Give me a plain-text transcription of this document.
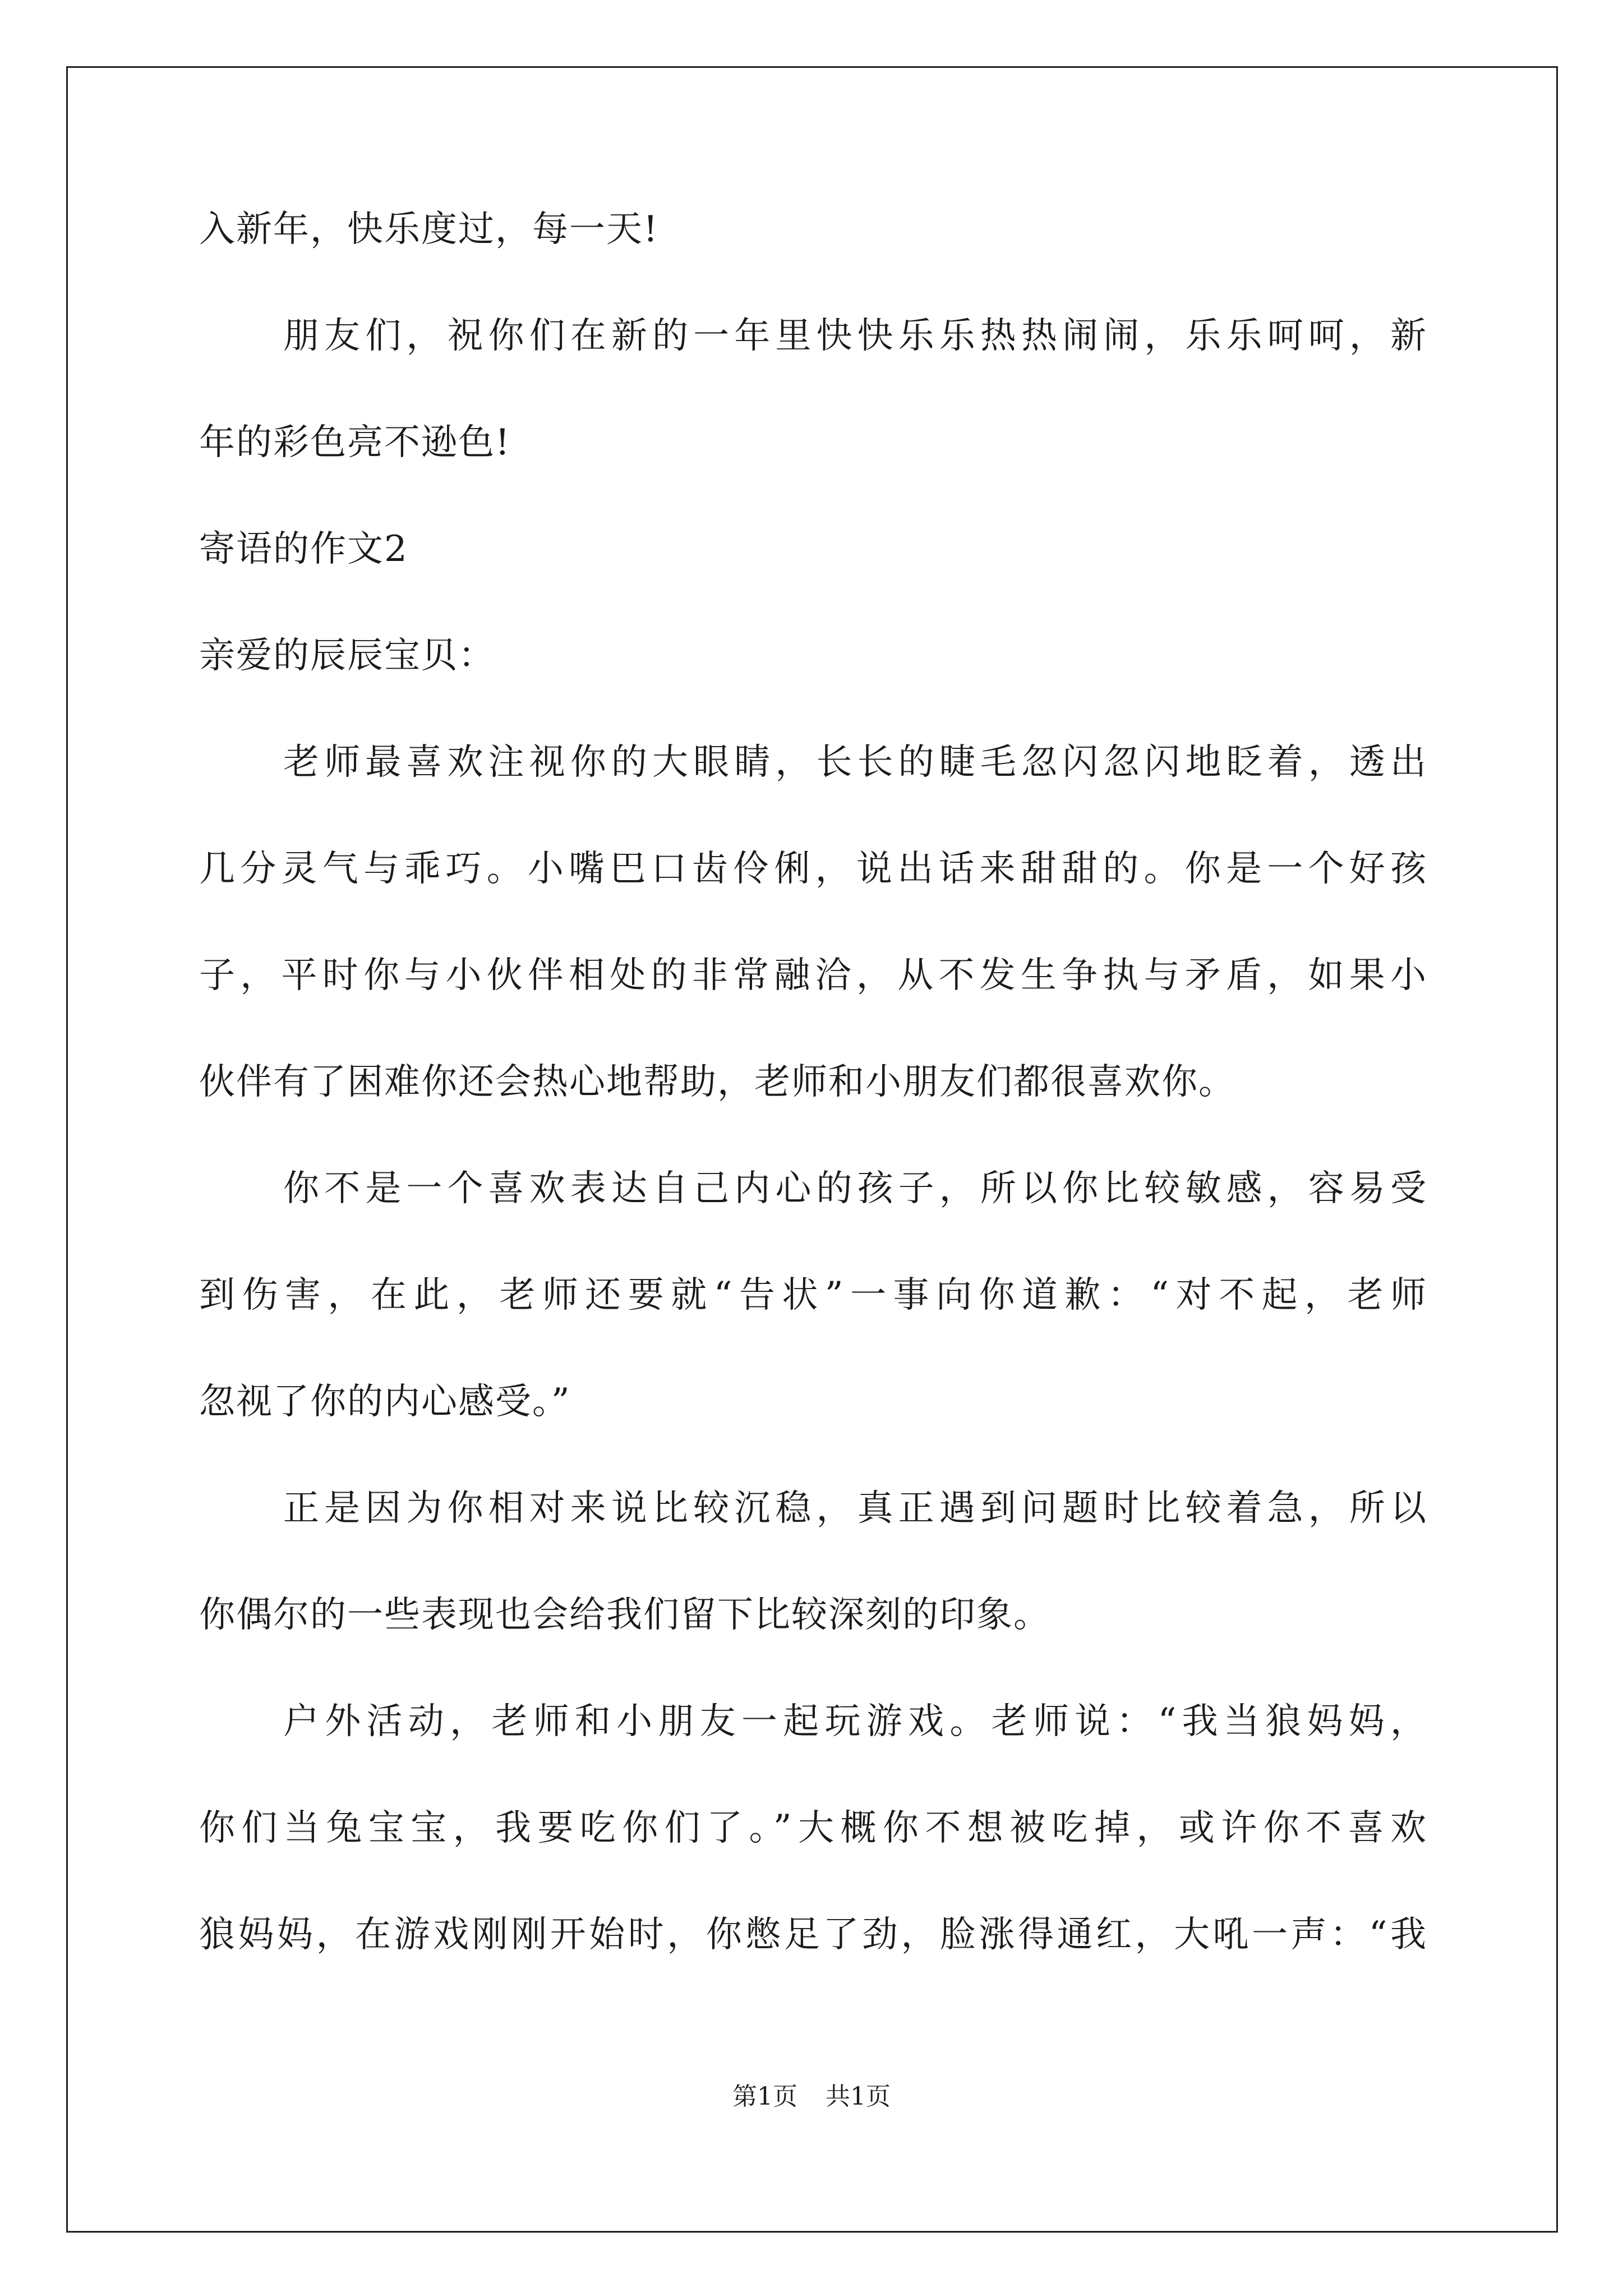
入新年，快乐度过，每一天!
朋友们，祝你们在新的一年里快快乐乐热热闹闹，乐乐呵呵，新
年的彩色亮不逊色!
寄语的作文2
亲爱的辰辰宝贝：
老师最喜欢注视你的大眼睛，长长的睫毛忽闪忽闪地眨着，透出
几分灵气与乖巧。小嘴巴口齿伶俐，说出话来甜甜的。你是一个好孩
子，平时你与小伙伴相处的非常融洽，从不发生争执与矛盾，如果小
伙伴有了困难你还会热心地帮助，老师和小朋友们都很喜欢你。
你不是一个喜欢表达自己内心的孩子，所以你比较敏感，容易受
到伤害，在此，老师还要就“告状”一事向你道歉：“对不起，老师
忽视了你的内心感受。”
正是因为你相对来说比较沉稳，真正遇到问题时比较着急，所以
你偶尔的一些表现也会给我们留下比较深刻的印象。
户外活动，老师和小朋友一起玩游戏。老师说：“我当狼妈妈，
你们当兔宝宝，我要吃你们了。”大概你不想被吃掉，或许你不喜欢
狼妈妈，在游戏刚刚开始时，你憋足了劲，脸涨得通红，大吼一声：“我
第1页 共1页
